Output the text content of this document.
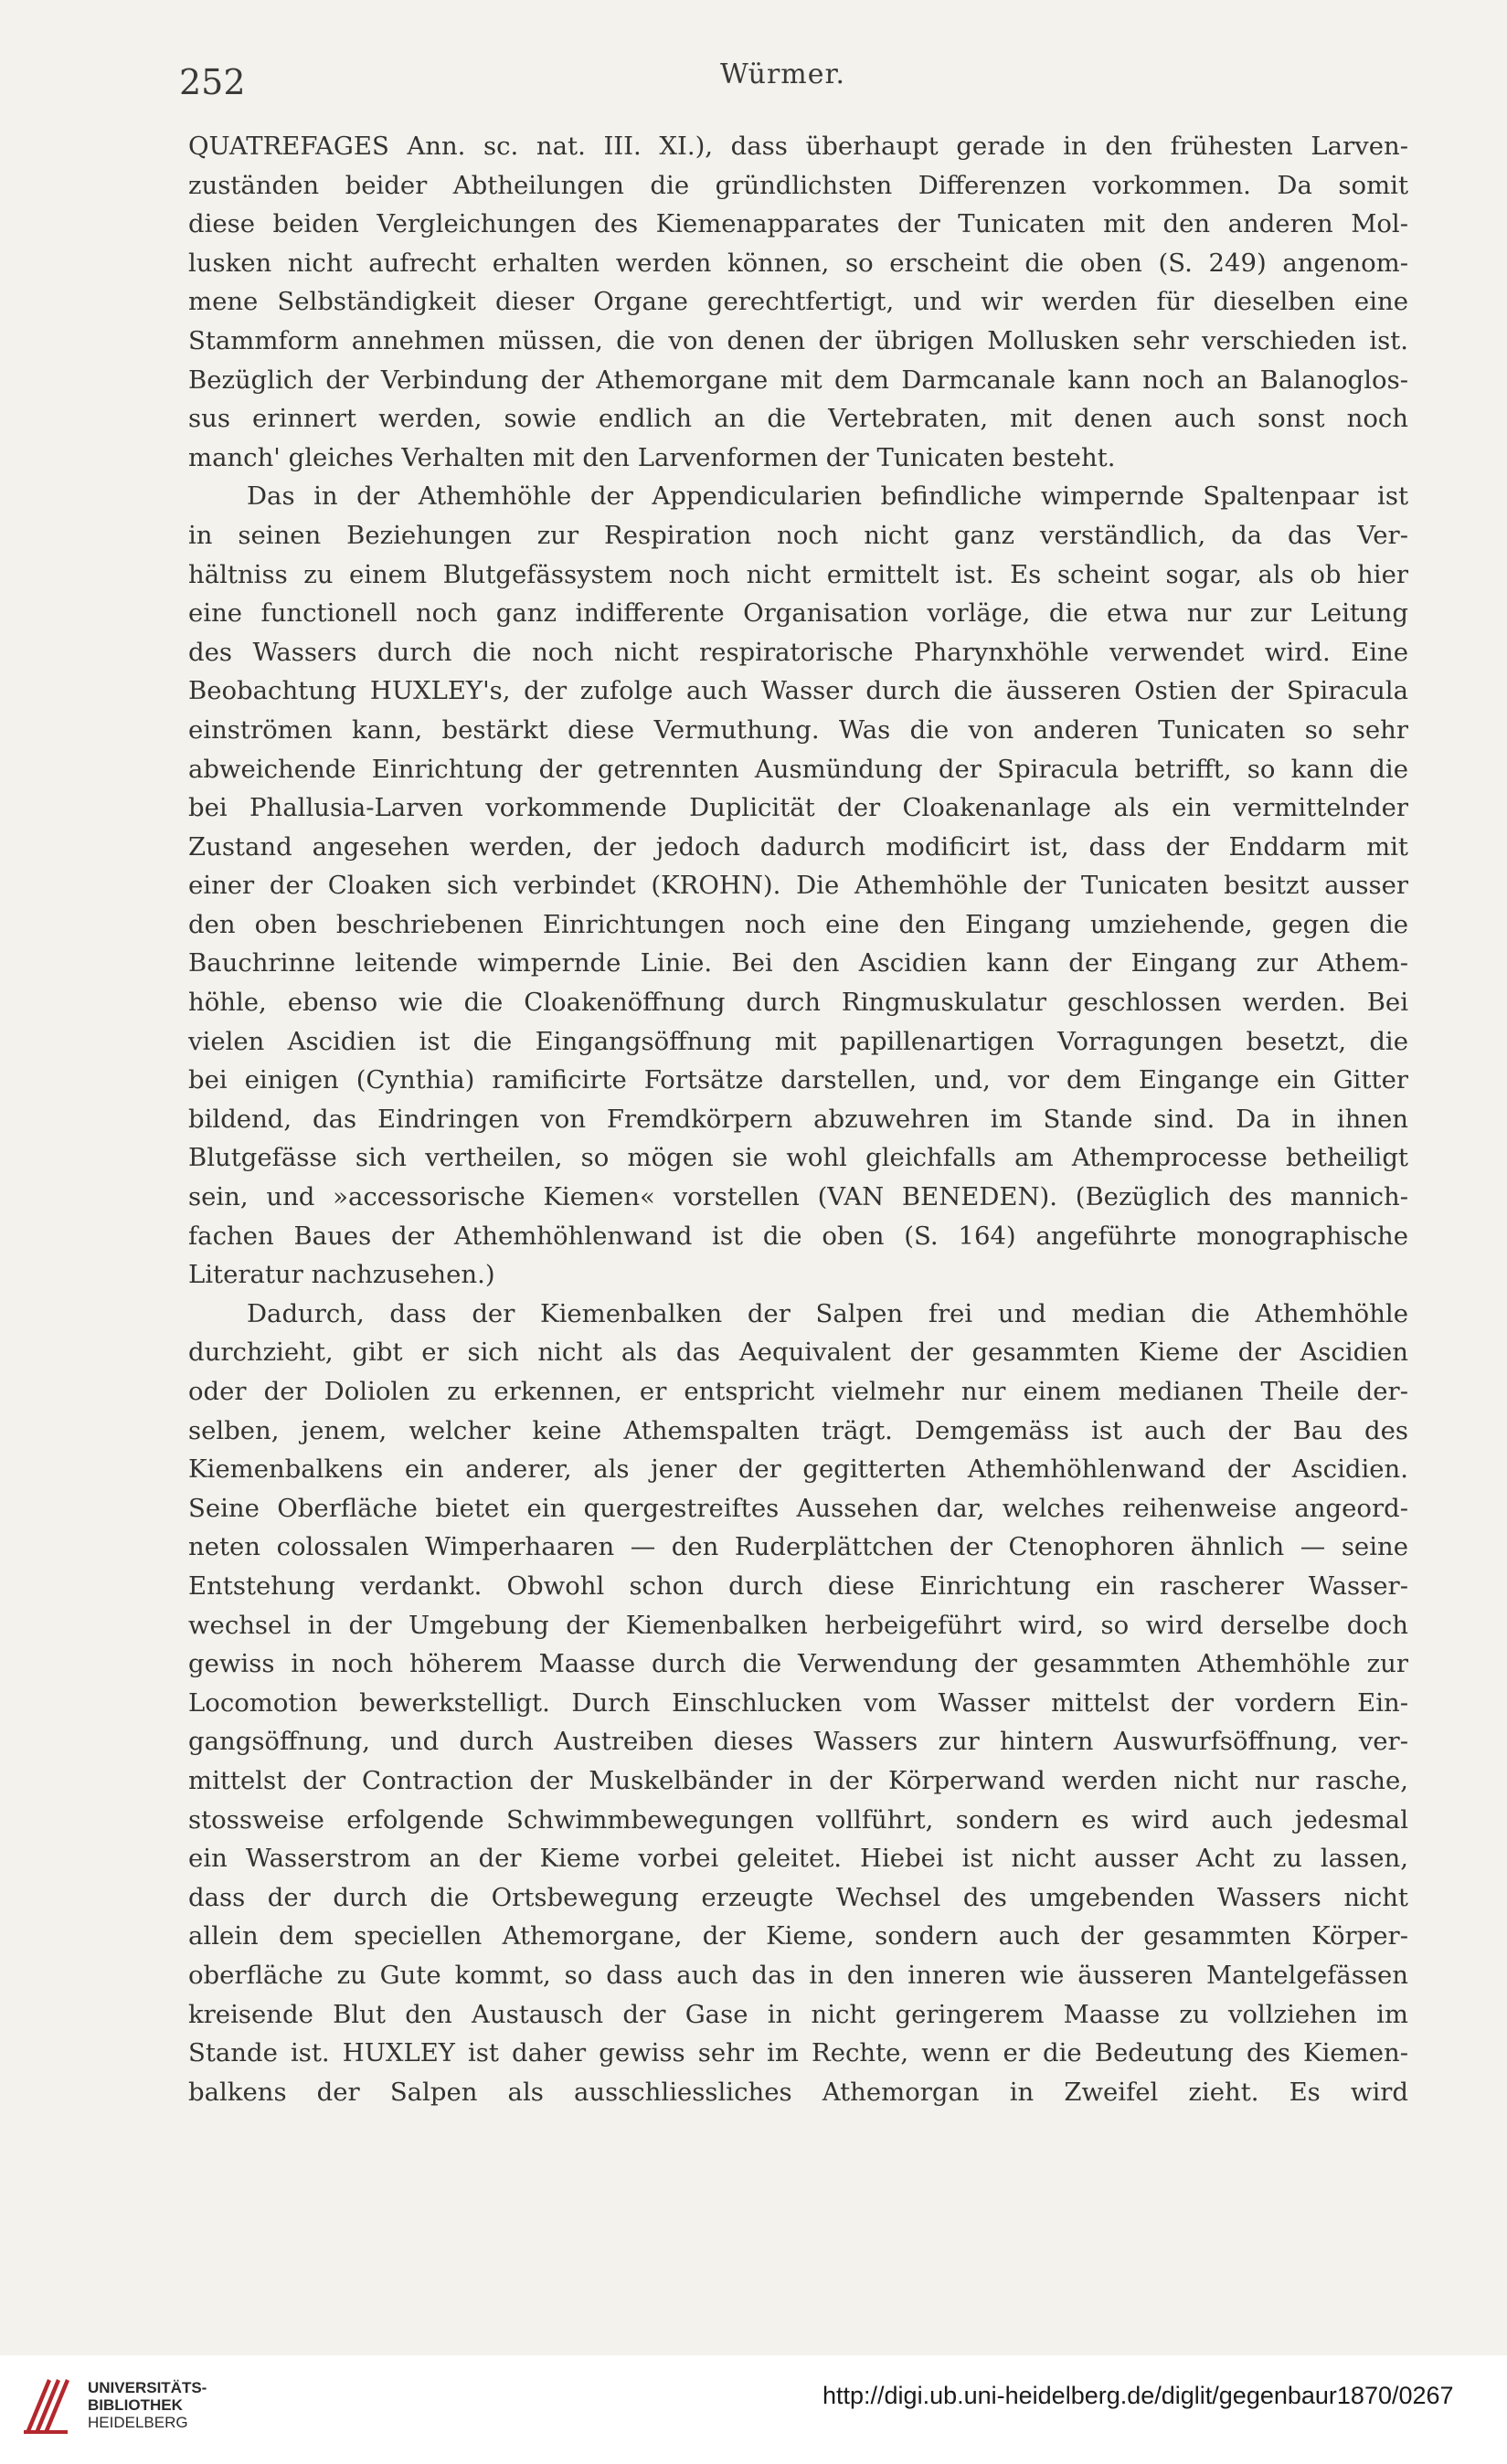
252	Würmer.
QUATREFAGES Ann. sc. nat. III. XI.), dass überhaupt gerade in den frühesten Larven-
zuständen beider Abtheilungen die gründlichsten Differenzen vorkommen. Da somit
diese beiden Vergleichungen des Kiemenapparates der Tunicaten mit den anderen Mol-
lusken nicht aufrecht erhalten werden können, so erscheint die oben (S. 249) angenom-
mene Selbständigkeit dieser Organe gerechtfertigt, und wir werden für dieselben eine
Stammform annehmen müssen, die von denen der übrigen Mollusken sehr verschieden ist.
Bezüglich der Verbindung der Athemorgane mit dem Darmcanale kann noch an Balanoglos-
sus erinnert werden, sowie endlich an die Vertebraten, mit denen auch sonst noch
manch' gleiches Verhalten mit den Larvenformen der Tunicaten besteht.
Das in der Athemhöhle der Appendicularien befindliche wimpernde Spaltenpaar ist
in seinen Beziehungen zur Respiration noch nicht ganz verständlich, da das Ver-
hältniss zu einem Blutgefässystem noch nicht ermittelt ist. Es scheint sogar, als ob hier
eine functionell noch ganz indifferente Organisation vorläge, die etwa nur zur Leitung
des Wassers durch die noch nicht respiratorische Pharynxhöhle verwendet wird. Eine
Beobachtung HUXLEY's, der zufolge auch Wasser durch die äusseren Ostien der Spiracula
einströmen kann, bestärkt diese Vermuthung. Was die von anderen Tunicaten so sehr
abweichende Einrichtung der getrennten Ausmündung der Spiracula betrifft, so kann die
bei Phallusia-Larven vorkommende Duplicität der Cloakenanlage als ein vermittelnder
Zustand angesehen werden, der jedoch dadurch modificirt ist, dass der Enddarm mit
einer der Cloaken sich verbindet (KROHN). Die Athemhöhle der Tunicaten besitzt ausser
den oben beschriebenen Einrichtungen noch eine den Eingang umziehende, gegen die
Bauchrinne leitende wimpernde Linie. Bei den Ascidien kann der Eingang zur Athem-
höhle, ebenso wie die Cloakenöffnung durch Ringmuskulatur geschlossen werden. Bei
vielen Ascidien ist die Eingangsöffnung mit papillenartigen Vorragungen besetzt, die
bei einigen (Cynthia) ramificirte Fortsätze darstellen, und, vor dem Eingange ein Gitter
bildend, das Eindringen von Fremdkörpern abzuwehren im Stande sind. Da in ihnen
Blutgefässe sich vertheilen, so mögen sie wohl gleichfalls am Athemprocesse betheiligt
sein, und »accessorische Kiemen« vorstellen (VAN BENEDEN). (Bezüglich des mannich-
fachen Baues der Athemhöhlenwand ist die oben (S. 164) angeführte monographische
Literatur nachzusehen.)
Dadurch, dass der Kiemenbalken der Salpen frei und median die Athemhöhle
durchzieht, gibt er sich nicht als das Aequivalent der gesammten Kieme der Ascidien
oder der Doliolen zu erkennen, er entspricht vielmehr nur einem medianen Theile der-
selben, jenem, welcher keine Athemspalten trägt. Demgemäss ist auch der Bau des
Kiemenbalkens ein anderer, als jener der gegitterten Athemhöhlenwand der Ascidien.
Seine Oberfläche bietet ein quergestreiftes Aussehen dar, welches reihenweise angeord-
neten colossalen Wimperhaaren — den Ruderplättchen der Ctenophoren ähnlich — seine
Entstehung verdankt. Obwohl schon durch diese Einrichtung ein rascherer Wasser-
wechsel in der Umgebung der Kiemenbalken herbeigeführt wird, so wird derselbe doch
gewiss in noch höherem Maasse durch die Verwendung der gesammten Athemhöhle zur
Locomotion bewerkstelligt. Durch Einschlucken vom Wasser mittelst der vordern Ein-
gangsöffnung, und durch Austreiben dieses Wassers zur hintern Auswurfsöffnung, ver-
mittelst der Contraction der Muskelbänder in der Körperwand werden nicht nur rasche,
stossweise erfolgende Schwimmbewegungen vollführt, sondern es wird auch jedesmal
ein Wasserstrom an der Kieme vorbei geleitet. Hiebei ist nicht ausser Acht zu lassen,
dass der durch die Ortsbewegung erzeugte Wechsel des umgebenden Wassers nicht
allein dem speciellen Athemorgane, der Kieme, sondern auch der gesammten Körper-
oberfläche zu Gute kommt, so dass auch das in den inneren wie äusseren Mantelgefässen
kreisende Blut den Austausch der Gase in nicht geringerem Maasse zu vollziehen im
Stande ist. HUXLEY ist daher gewiss sehr im Rechte, wenn er die Bedeutung des Kiemen-
balkens der Salpen als ausschliessliches Athemorgan in Zweifel zieht. Es wird
UNIVERSITÄTS-
BIBLIOTHEK
HEIDELBERG
http://digi.ub.uni-heidelberg.de/diglit/gegenbaur1870/0267
